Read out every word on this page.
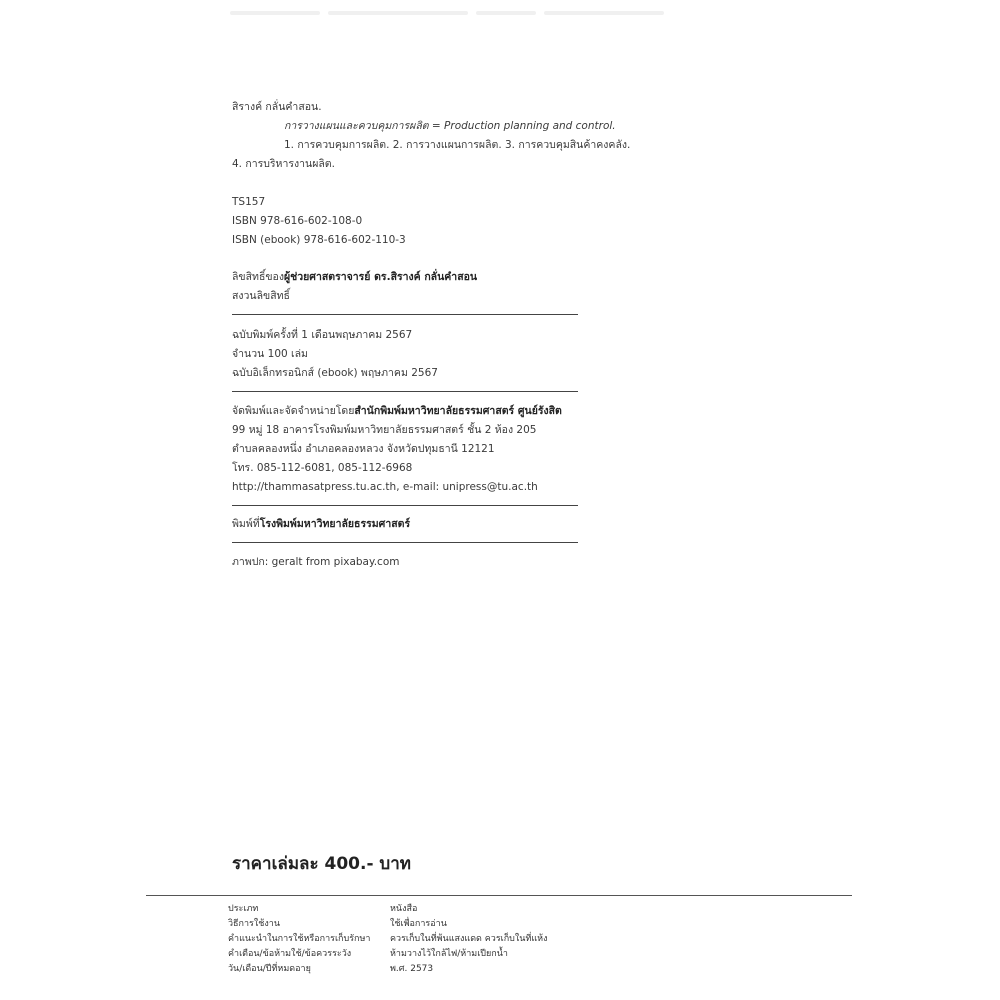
สิรางค์ กลั่นคำสอน.
การวางแผนและควบคุมการผลิต = Production planning and control.
1. การควบคุมการผลิต. 2. การวางแผนการผลิต. 3. การควบคุมสินค้าคงคลัง.
4. การบริหารงานผลิต.
TS157
ISBN 978-616-602-108-0
ISBN (ebook) 978-616-602-110-3
ลิขสิทธิ์ของผู้ช่วยศาสตราจารย์ ดร.สิรางค์ กลั่นคำสอน
สงวนลิขสิทธิ์
ฉบับพิมพ์ครั้งที่ 1 เดือนพฤษภาคม 2567
จำนวน 100 เล่ม
ฉบับอิเล็กทรอนิกส์ (ebook) พฤษภาคม 2567
จัดพิมพ์และจัดจำหน่ายโดยสำนักพิมพ์มหาวิทยาลัยธรรมศาสตร์ ศูนย์รังสิต
99 หมู่ 18 อาคารโรงพิมพ์มหาวิทยาลัยธรรมศาสตร์ ชั้น 2 ห้อง 205
ตำบลคลองหนึ่ง อำเภอคลองหลวง จังหวัดปทุมธานี 12121
โทร. 085-112-6081, 085-112-6968
http://thammasatpress.tu.ac.th, e-mail: unipress@tu.ac.th
พิมพ์ที่โรงพิมพ์มหาวิทยาลัยธรรมศาสตร์
ภาพปก: geralt from pixabay.com
ราคาเล่มละ 400.- บาท
ประเภท	หนังสือ
วิธีการใช้งาน	ใช้เพื่อการอ่าน
คำแนะนำในการใช้หรือการเก็บรักษา	ควรเก็บในที่พ้นแสงแดด ควรเก็บในที่แห้ง
คำเตือน/ข้อห้ามใช้/ข้อควรระวัง	ห้ามวางไว้ใกล้ไฟ/ห้ามเปียกน้ำ
วัน/เดือน/ปีที่หมดอายุ	พ.ศ. 2573
